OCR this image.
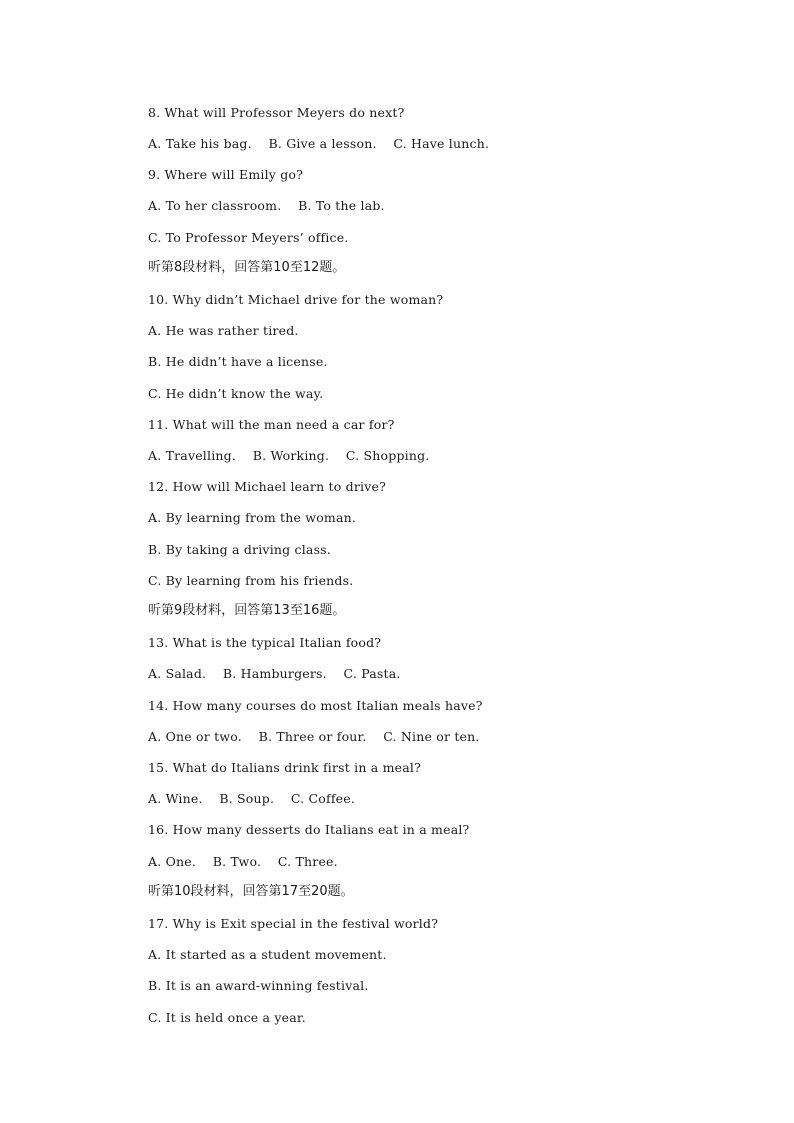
8. What will Professor Meyers do next?
A. Take his bag.    B. Give a lesson.    C. Have lunch.
9. Where will Emily go?
A. To her classroom.    B. To the lab.
C. To Professor Meyers’ office.
听第8段材料，回答第10至12题。
10. Why didn’t Michael drive for the woman?
A. He was rather tired.
B. He didn’t have a license.
C. He didn’t know the way.
11. What will the man need a car for?
A. Travelling.    B. Working.    C. Shopping.
12. How will Michael learn to drive?
A. By learning from the woman.
B. By taking a driving class.
C. By learning from his friends.
听第9段材料，回答第13至16题。
13. What is the typical Italian food?
A. Salad.    B. Hamburgers.    C. Pasta.
14. How many courses do most Italian meals have?
A. One or two.    B. Three or four.    C. Nine or ten.
15. What do Italians drink first in a meal?
A. Wine.    B. Soup.    C. Coffee.
16. How many desserts do Italians eat in a meal?
A. One.    B. Two.    C. Three.
听第10段材料，回答第17至20题。
17. Why is Exit special in the festival world?
A. It started as a student movement.
B. It is an award-winning festival.
C. It is held once a year.
